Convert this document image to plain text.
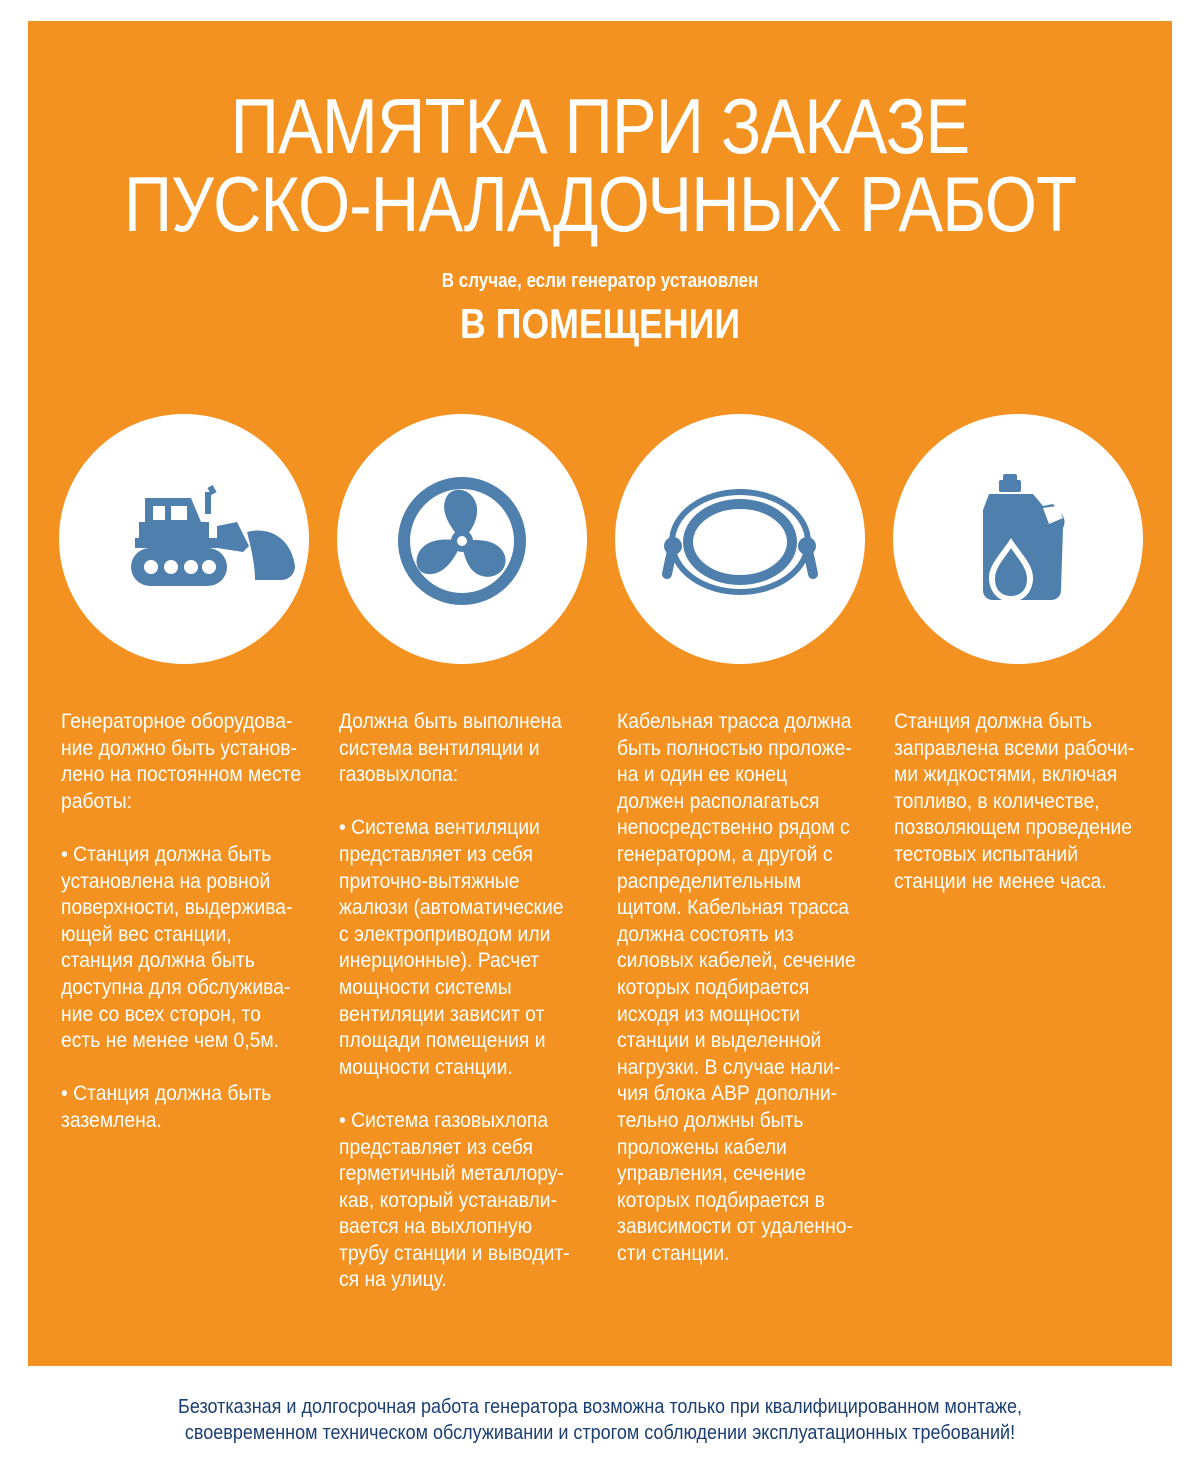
ПАМЯТКА ПРИ ЗАКАЗЕ
ПУСКО-НАЛАДОЧНЫХ РАБОТ
В случае, если генератор установлен
В ПОМЕЩЕНИИ
Генераторное оборудова-
ние должно быть установ-
лено на постоянном месте
работы:

• Станция должна быть
установлена на ровной
поверхности, выдержива-
ющей вес станции,
станция должна быть
доступна для обслужива-
ние со всех сторон, то
есть не менее чем 0,5м.

• Станция должна быть
заземлена.
Должна быть выполнена
система вентиляции и
газовыхлопа:

• Система вентиляции
представляет из себя
приточно-вытяжные
жалюзи (автоматические
с электроприводом или
инерционные). Расчет
мощности системы
вентиляции зависит от
площади помещения и
мощности станции.

• Система газовыхлопа
представляет из себя
герметичный металлору-
кав, который устанавли-
вается на выхлопную
трубу станции и выводит-
ся на улицу.
Кабельная трасса должна
быть полностью проложе-
на и один ее конец
должен располагаться
непосредственно рядом с
генератором, а другой с
распределительным
щитом. Кабельная трасса
должна состоять из
силовых кабелей, сечение
которых подбирается
исходя из мощности
станции и выделенной
нагрузки. В случае нали-
чия блока АВР дополни-
тельно должны быть
проложены кабели
управления, сечение
которых подбирается в
зависимости от удаленно-
сти станции.
Станция должна быть
заправлена всеми рабочи-
ми жидкостями, включая
топливо, в количестве,
позволяющем проведение
тестовых испытаний
станции не менее часа.
Безотказная и долгосрочная работа генератора возможна только при квалифицированном монтаже,
своевременном техническом обслуживании и строгом соблюдении эксплуатационных требований!
